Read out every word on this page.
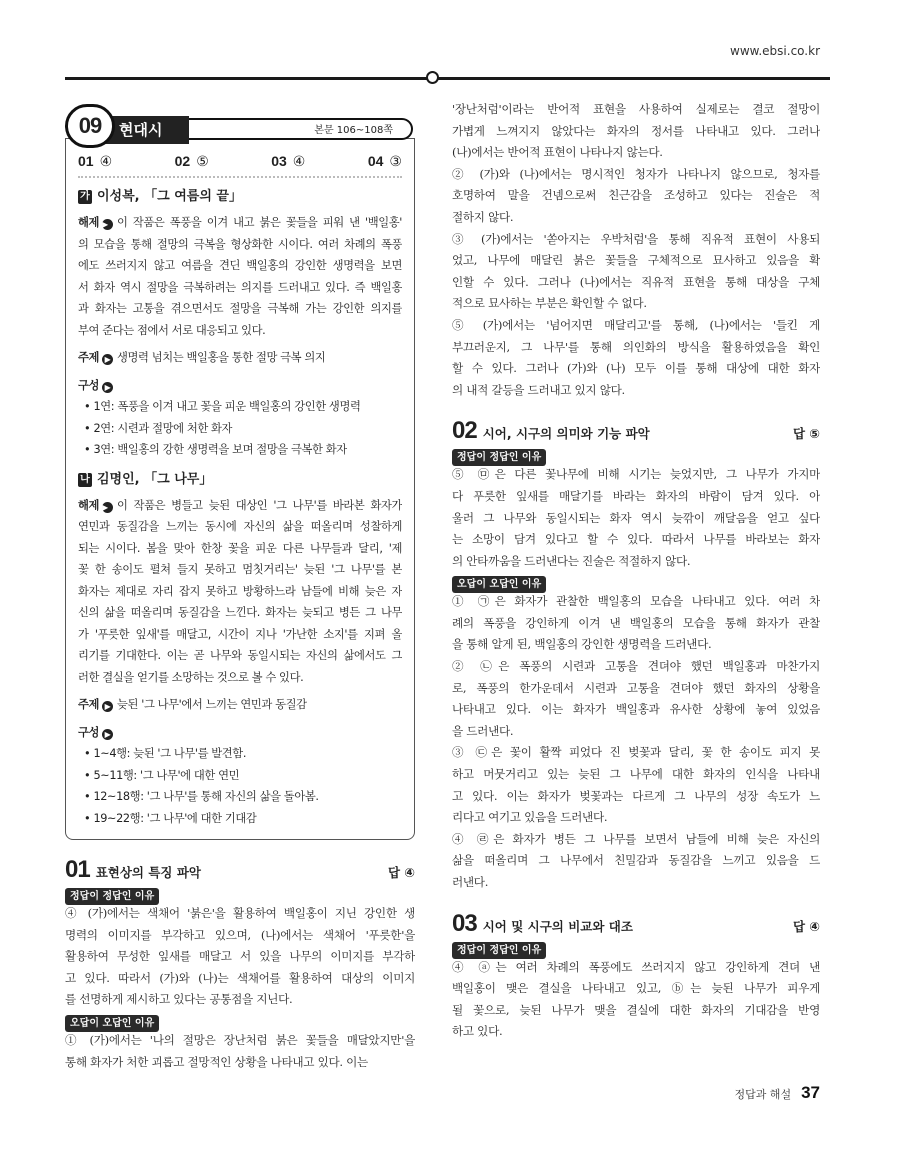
www.ebsi.co.kr
09	현대시	본문 106~108쪽
01 ④	02 ⑤	03 ④	04 ③
가 이성복, 「그 여름의 끝」
해제 ▶ 이 작품은 폭풍을 이겨 내고 붉은 꽃들을 피워 낸 '백일홍'
의 모습을 통해 절망의 극복을 형상화한 시이다. 여러 차례의 폭풍
에도 쓰러지지 않고 여름을 견딘 백일홍의 강인한 생명력을 보면
서 화자 역시 절망을 극복하려는 의지를 드러내고 있다. 즉 백일홍
과 화자는 고통을 겪으면서도 절망을 극복해 가는 강인한 의지를
부여 준다는 점에서 서로 대응되고 있다.
주제 ▶ 생명력 넘치는 백일홍을 통한 절망 극복 의지
구성 ▶
• 1연: 폭풍을 이겨 내고 꽃을 피운 백일홍의 강인한 생명력
• 2연: 시련과 절망에 처한 화자
• 3연: 백일홍의 강한 생명력을 보며 절망을 극복한 화자
나 김명인, 「그 나무」
해제 ▶ 이 작품은 병들고 늦된 대상인 '그 나무'를 바라본 화자가
연민과 동질감을 느끼는 동시에 자신의 삶을 떠올리며 성찰하게
되는 시이다. 봄을 맞아 한창 꽃을 피운 다른 나무들과 달리, '제
꽃 한 송이도 펼쳐 들지 못하고 멈칫거리는' 늦된 '그 나무'를 본
화자는 제대로 자리 잡지 못하고 방황하느라 남들에 비해 늦은 자
신의 삶을 떠올리며 동질감을 느낀다. 화자는 늦되고 병든 그 나무
가 '푸릇한 잎새'를 매달고, 시간이 지나 '가난한 소지'를 지펴 올
리기를 기대한다. 이는 곧 나무와 동일시되는 자신의 삶에서도 그
러한 결실을 얻기를 소망하는 것으로 볼 수 있다.
주제 ▶ 늦된 '그 나무'에서 느끼는 연민과 동질감
구성 ▶
• 1~4행: 늦된 '그 나무'를 발견함.
• 5~11행: '그 나무'에 대한 연민
• 12~18행: '그 나무'를 통해 자신의 삶을 돌아봄.
• 19~22행: '그 나무'에 대한 기대감
01 표현상의 특징 파악	답 ④
정답이 정답인 이유
④ (가)에서는 색채어 '붉은'을 활용하여 백일홍이 지닌 강인한 생
명력의 이미지를 부각하고 있으며, (나)에서는 색채어 '푸릇한'을
활용하여 무성한 잎새를 매달고 서 있을 나무의 이미지를 부각하
고 있다. 따라서 (가)와 (나)는 색채어를 활용하여 대상의 이미지
를 선명하게 제시하고 있다는 공통점을 지닌다.
오답이 오답인 이유
① (가)에서는 '나의 절망은 장난처럼 붉은 꽃들을 매달았지만'을
통해 화자가 처한 괴롭고 절망적인 상황을 나타내고 있다. 이는
'장난처럼'이라는 반어적 표현을 사용하여 실제로는 결코 절망이
가볍게 느껴지지 않았다는 화자의 정서를 나타내고 있다. 그러나
(나)에서는 반어적 표현이 나타나지 않는다.
② (가)와 (나)에서는 명시적인 청자가 나타나지 않으므로, 청자를
호명하여 말을 건넴으로써 친근감을 조성하고 있다는 진술은 적
절하지 않다.
③ (가)에서는 '쏟아지는 우박처럼'을 통해 직유적 표현이 사용되
었고, 나무에 매달린 붉은 꽃들을 구체적으로 묘사하고 있음을 확
인할 수 있다. 그러나 (나)에서는 직유적 표현을 통해 대상을 구체
적으로 묘사하는 부분은 확인할 수 없다.
⑤ (가)에서는 '넘어지면 매달리고'를 통해, (나)에서는 '들킨 게
부끄러운지, 그 나무'를 통해 의인화의 방식을 활용하였음을 확인
할 수 있다. 그러나 (가)와 (나) 모두 이를 통해 대상에 대한 화자
의 내적 갈등을 드러내고 있지 않다.
02 시어, 시구의 의미와 기능 파악	답 ⑤
정답이 정답인 이유
⑤ ㉤은 다른 꽃나무에 비해 시기는 늦었지만, 그 나무가 가지마
다 푸릇한 잎새를 매달기를 바라는 화자의 바람이 담겨 있다. 아
울러 그 나무와 동일시되는 화자 역시 늦깎이 깨달음을 얻고 싶다
는 소망이 담겨 있다고 할 수 있다. 따라서 나무를 바라보는 화자
의 안타까움을 드러낸다는 진술은 적절하지 않다.
오답이 오답인 이유
① ㉠은 화자가 관찰한 백일홍의 모습을 나타내고 있다. 여러 차
례의 폭풍을 강인하게 이겨 낸 백일홍의 모습을 통해 화자가 관찰
을 통해 알게 된, 백일홍의 강인한 생명력을 드러낸다.
② ㉡은 폭풍의 시련과 고통을 견뎌야 했던 백일홍과 마찬가지
로, 폭풍의 한가운데서 시련과 고통을 견뎌야 했던 화자의 상황을
나타내고 있다. 이는 화자가 백일홍과 유사한 상황에 놓여 있었음
을 드러낸다.
③ ㉢은 꽃이 활짝 피었다 진 벚꽃과 달리, 꽃 한 송이도 피지 못
하고 머뭇거리고 있는 늦된 그 나무에 대한 화자의 인식을 나타내
고 있다. 이는 화자가 벚꽃과는 다르게 그 나무의 성장 속도가 느
리다고 여기고 있음을 드러낸다.
④ ㉣은 화자가 병든 그 나무를 보면서 남들에 비해 늦은 자신의
삶을 떠올리며 그 나무에서 친밀감과 동질감을 느끼고 있음을 드
러낸다.
03 시어 및 시구의 비교와 대조	답 ④
정답이 정답인 이유
④ ⓐ는 여러 차례의 폭풍에도 쓰러지지 않고 강인하게 견뎌 낸
백일홍이 맺은 결실을 나타내고 있고, ⓑ는 늦된 나무가 피우게
될 꽃으로, 늦된 나무가 맺을 결실에 대한 화자의 기대감을 반영
하고 있다.
정답과 해설 37
